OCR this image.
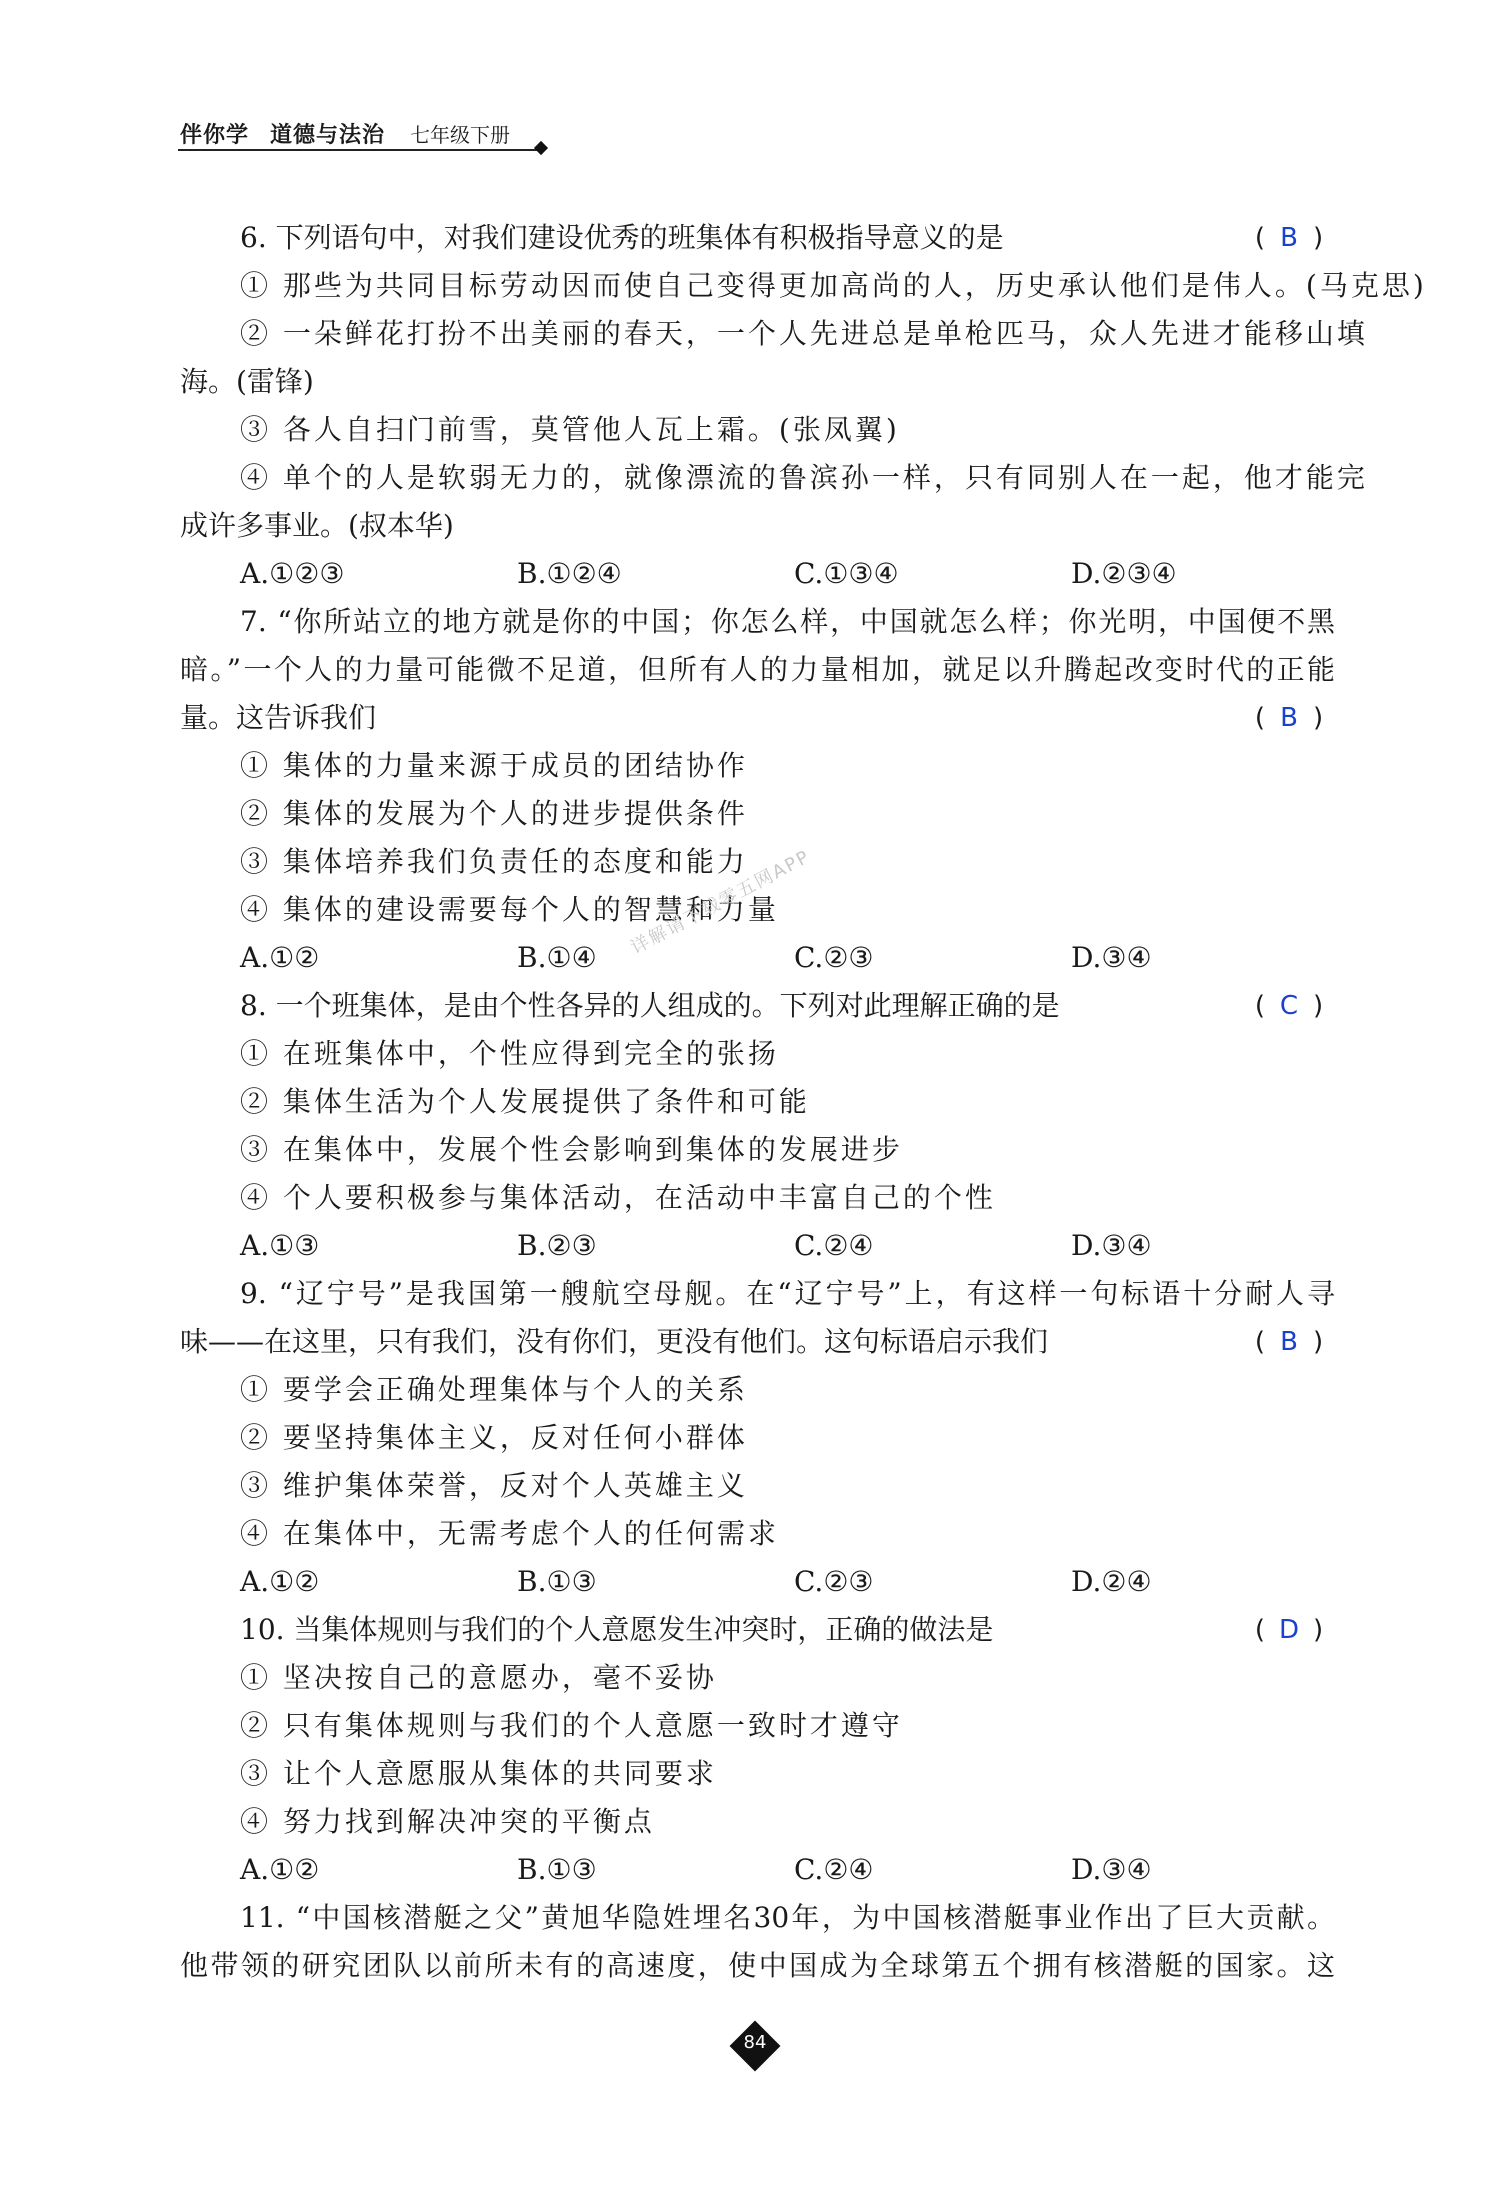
伴你学 道德与法治 七年级下册
6. 下列语句中，对我们建设优秀的班集体有积极指导意义的是	( B )
① 那些为共同目标劳动因而使自己变得更加高尚的人，历史承认他们是伟人。(马克思)
② 一朵鲜花打扮不出美丽的春天，一个人先进总是单枪匹马，众人先进才能移山填
海。(雷锋)
③ 各人自扫门前雪，莫管他人瓦上霜。(张凤翼)
④ 单个的人是软弱无力的，就像漂流的鲁滨孙一样，只有同别人在一起，他才能完
成许多事业。(叔本华)
A.①②③	B.①②④	C.①③④	D.②③④
7. “你所站立的地方就是你的中国；你怎么样，中国就怎么样；你光明，中国便不黑
暗。”一个人的力量可能微不足道，但所有人的力量相加，就足以升腾起改变时代的正能
量。这告诉我们	( B )
① 集体的力量来源于成员的团结协作
② 集体的发展为个人的进步提供条件
③ 集体培养我们负责任的态度和能力
④ 集体的建设需要每个人的智慧和力量
A.①②	B.①④	C.②③	D.③④
8. 一个班集体，是由个性各异的人组成的。下列对此理解正确的是	( C )
① 在班集体中，个性应得到完全的张扬
② 集体生活为个人发展提供了条件和可能
③ 在集体中，发展个性会影响到集体的发展进步
④ 个人要积极参与集体活动，在活动中丰富自己的个性
A.①③	B.②③	C.②④	D.③④
9. “辽宁号”是我国第一艘航空母舰。在“辽宁号”上，有这样一句标语十分耐人寻
味——在这里，只有我们，没有你们，更没有他们。这句标语启示我们	( B )
① 要学会正确处理集体与个人的关系
② 要坚持集体主义，反对任何小群体
③ 维护集体荣誉，反对个人英雄主义
④ 在集体中，无需考虑个人的任何需求
A.①②	B.①③	C.②③	D.②④
10. 当集体规则与我们的个人意愿发生冲突时，正确的做法是	( D )
① 坚决按自己的意愿办，毫不妥协
② 只有集体规则与我们的个人意愿一致时才遵守
③ 让个人意愿服从集体的共同要求
④ 努力找到解决冲突的平衡点
A.①②	B.①③	C.②④	D.③④
11. “中国核潜艇之父”黄旭华隐姓埋名30年，为中国核潜艇事业作出了巨大贡献。
他带领的研究团队以前所未有的高速度，使中国成为全球第五个拥有核潜艇的国家。这
详解请下载零五网APP
84
